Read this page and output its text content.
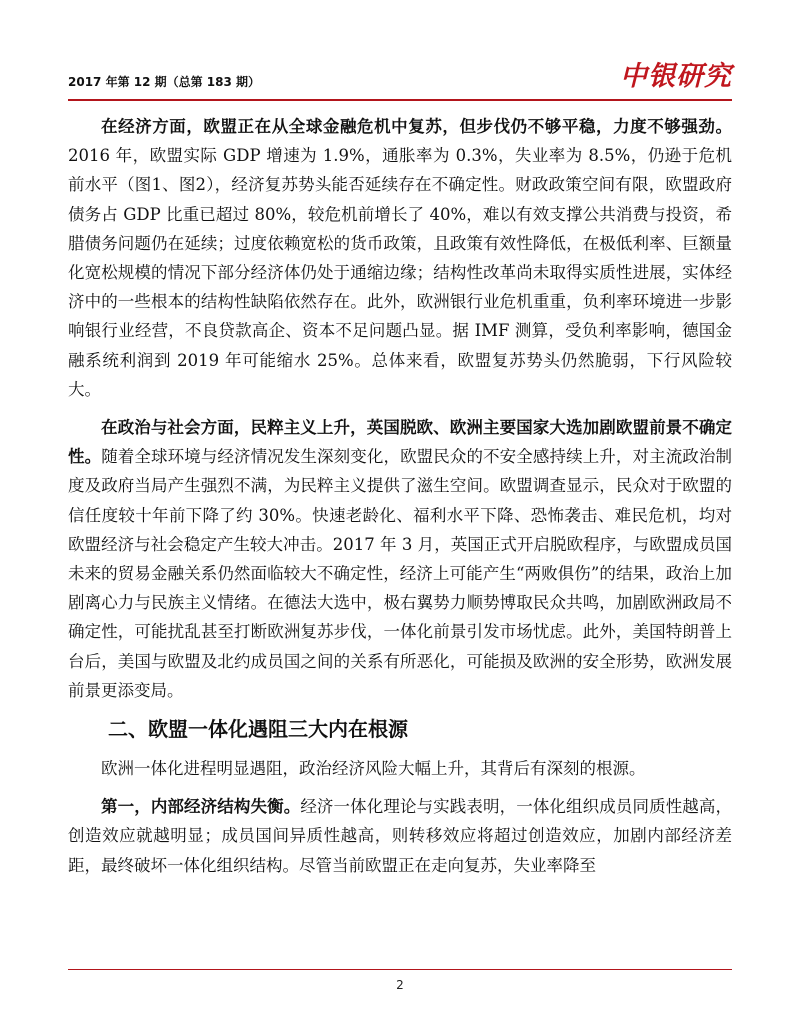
2017 年第 12 期（总第 183 期）	中银研究

在经济方面，欧盟正在从全球金融危机中复苏，但步伐仍不够平稳，力度不够强劲。2016 年，欧盟实际 GDP 增速为 1.9%，通胀率为 0.3%，失业率为 8.5%，仍逊于危机前水平（图1、图2），经济复苏势头能否延续存在不确定性。财政政策空间有限，欧盟政府债务占 GDP 比重已超过 80%，较危机前增长了 40%，难以有效支撑公共消费与投资，希腊债务问题仍在延续；过度依赖宽松的货币政策，且政策有效性降低，在极低利率、巨额量化宽松规模的情况下部分经济体仍处于通缩边缘；结构性改革尚未取得实质性进展，实体经济中的一些根本的结构性缺陷依然存在。此外，欧洲银行业危机重重，负利率环境进一步影响银行业经营，不良贷款高企、资本不足问题凸显。据 IMF 测算，受负利率影响，德国金融系统利润到 2019 年可能缩水 25%。总体来看，欧盟复苏势头仍然脆弱，下行风险较大。

在政治与社会方面，民粹主义上升，英国脱欧、欧洲主要国家大选加剧欧盟前景不确定性。随着全球环境与经济情况发生深刻变化，欧盟民众的不安全感持续上升，对主流政治制度及政府当局产生强烈不满，为民粹主义提供了滋生空间。欧盟调查显示，民众对于欧盟的信任度较十年前下降了约 30%。快速老龄化、福利水平下降、恐怖袭击、难民危机，均对欧盟经济与社会稳定产生较大冲击。2017 年 3 月，英国正式开启脱欧程序，与欧盟成员国未来的贸易金融关系仍然面临较大不确定性，经济上可能产生“两败俱伤”的结果，政治上加剧离心力与民族主义情绪。在德法大选中，极右翼势力顺势博取民众共鸣，加剧欧洲政局不确定性，可能扰乱甚至打断欧洲复苏步伐，一体化前景引发市场忧虑。此外，美国特朗普上台后，美国与欧盟及北约成员国之间的关系有所恶化，可能损及欧洲的安全形势，欧洲发展前景更添变局。

二、欧盟一体化遇阻三大内在根源

欧洲一体化进程明显遇阻，政治经济风险大幅上升，其背后有深刻的根源。

第一，内部经济结构失衡。经济一体化理论与实践表明，一体化组织成员同质性越高，创造效应就越明显；成员国间异质性越高，则转移效应将超过创造效应，加剧内部经济差距，最终破坏一体化组织结构。尽管当前欧盟正在走向复苏，失业率降至

2
